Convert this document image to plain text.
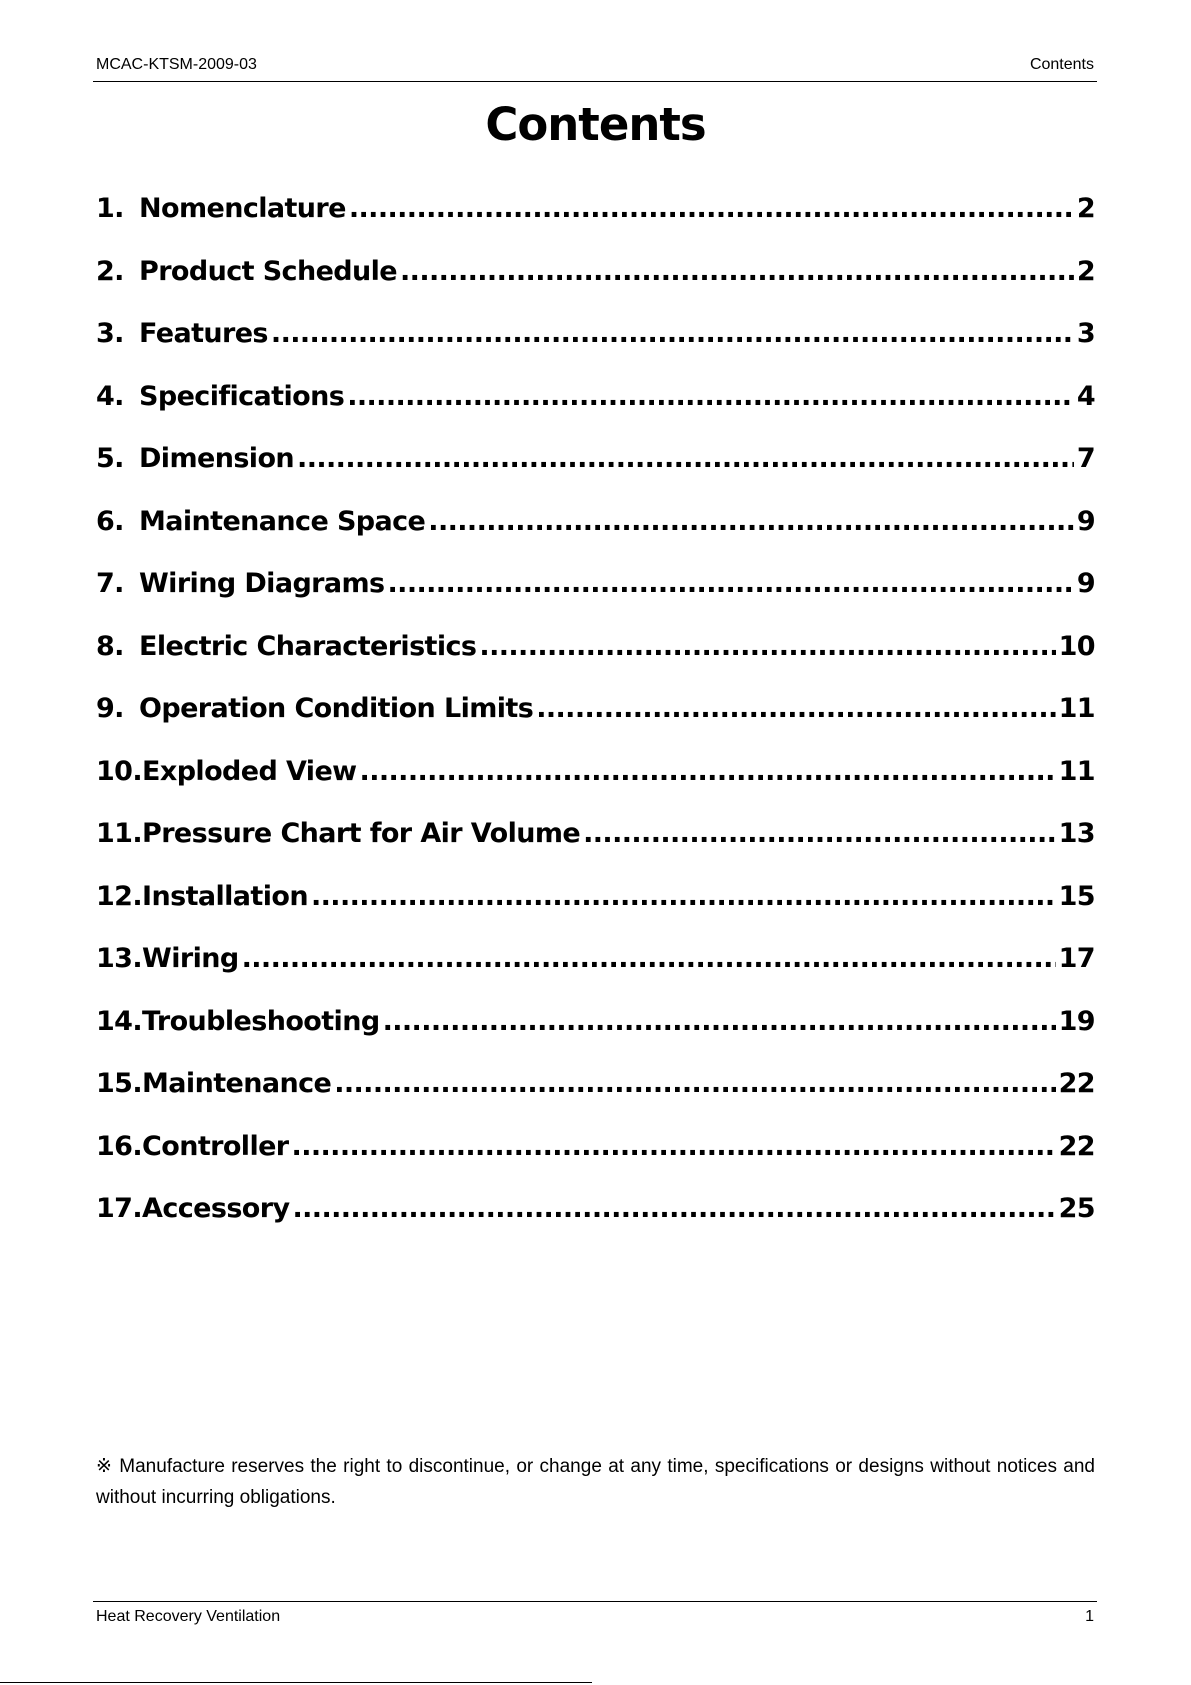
MCAC-KTSM-2009-03	Contents
Contents
1. Nomenclature .....	2
2. Product Schedule .....	2
3. Features .....	3
4. Specifications .....	4
5. Dimension .....	7
6. Maintenance Space .....	9
7. Wiring Diagrams .....	9
8. Electric Characteristics .....	10
9. Operation Condition Limits .....	11
10. Exploded View .....	11
11. Pressure Chart for Air Volume .....	13
12. Installation .....	15
13. Wiring .....	17
14. Troubleshooting .....	19
15. Maintenance .....	22
16. Controller .....	22
17. Accessory .....	25

※ Manufacture reserves the right to discontinue, or change at any time, specifications or designs without notices and without incurring obligations.

Heat Recovery Ventilation	1
